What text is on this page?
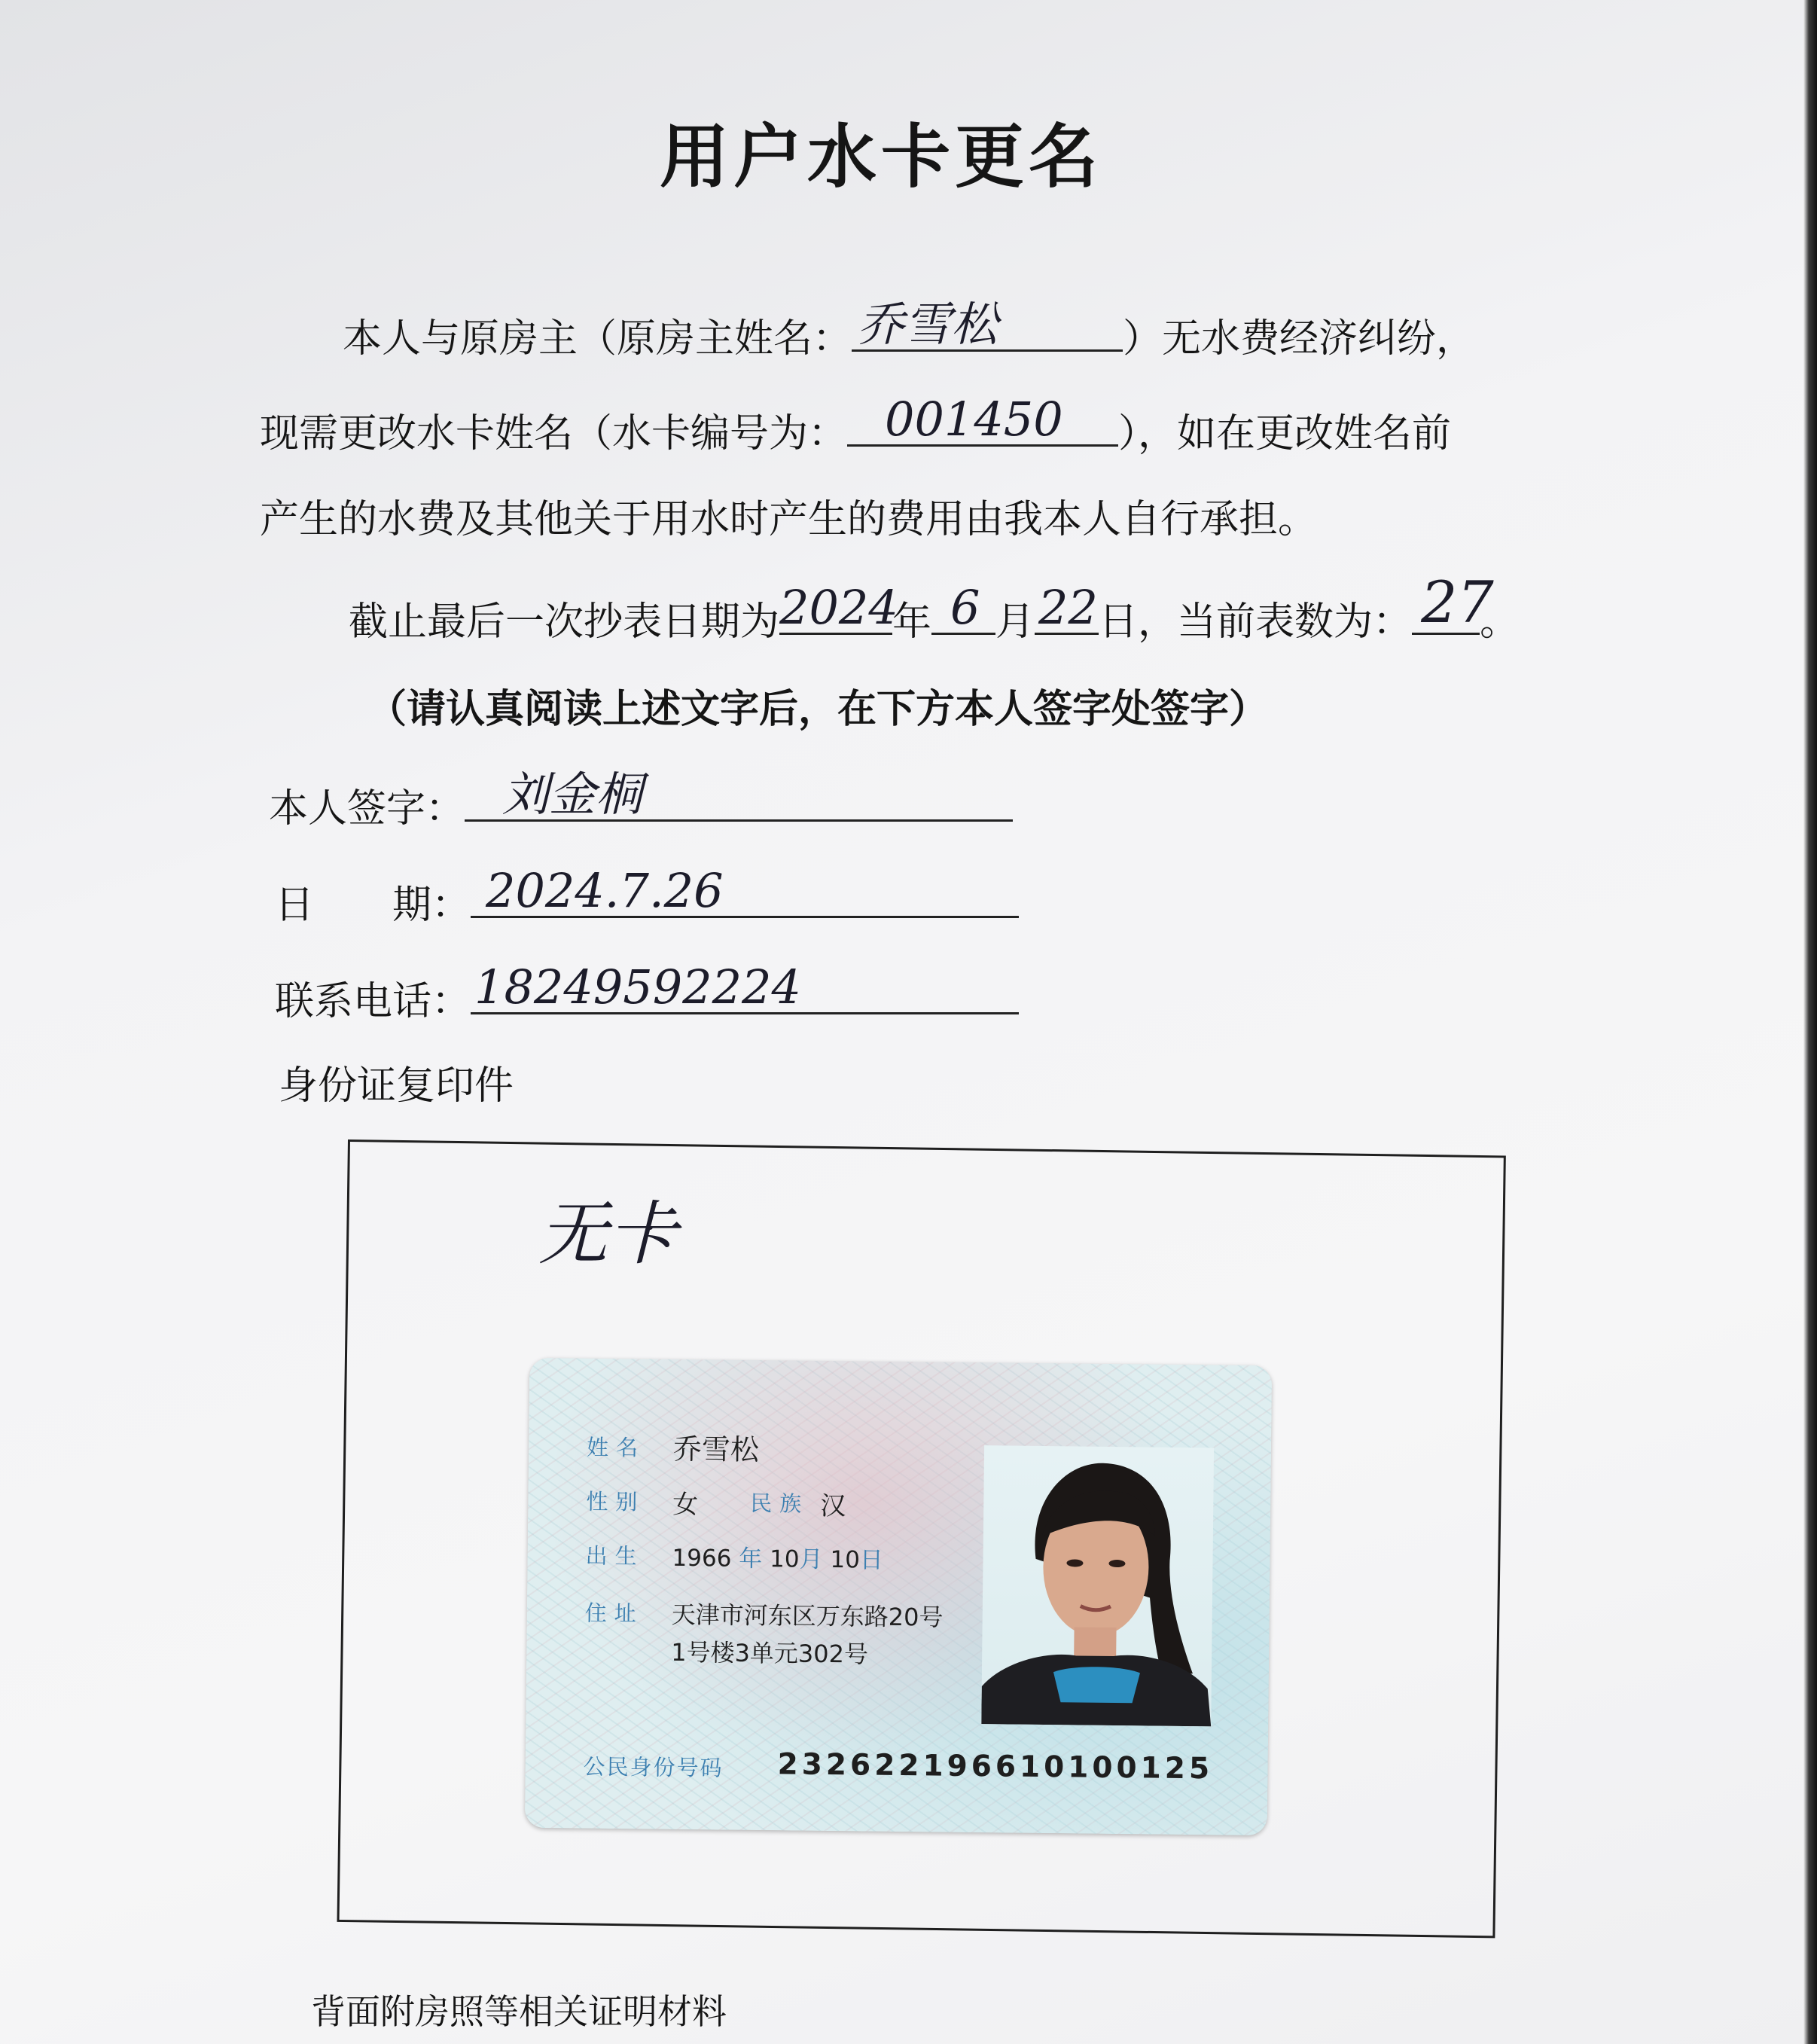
用户水卡更名
本人与原房主（原房主姓名： 乔雪松	）无水费经济纠纷，
现需更改水卡姓名（水卡编号为： 001450 ），如在更改姓名前
产生的水费及其他关于用水时产生的费用由我本人自行承担。
截止最后一次抄表日期为 2024
年 6 月 22 日，当前表数为： 27
。
（请认真阅读上述文字后，在下方本人签字处签字）
本人签字： 刘金桐
日　　期： 2024.7.26
联系电话： 18249592224
身份证复印件
无卡
姓名 乔雪松
性别 女 民族 汉
出生 1966 年 10月 10日
住址 天津市河东区万东路20号
1号楼3单元302号
公民身份号码 232622196610100125
背面附房照等相关证明材料
